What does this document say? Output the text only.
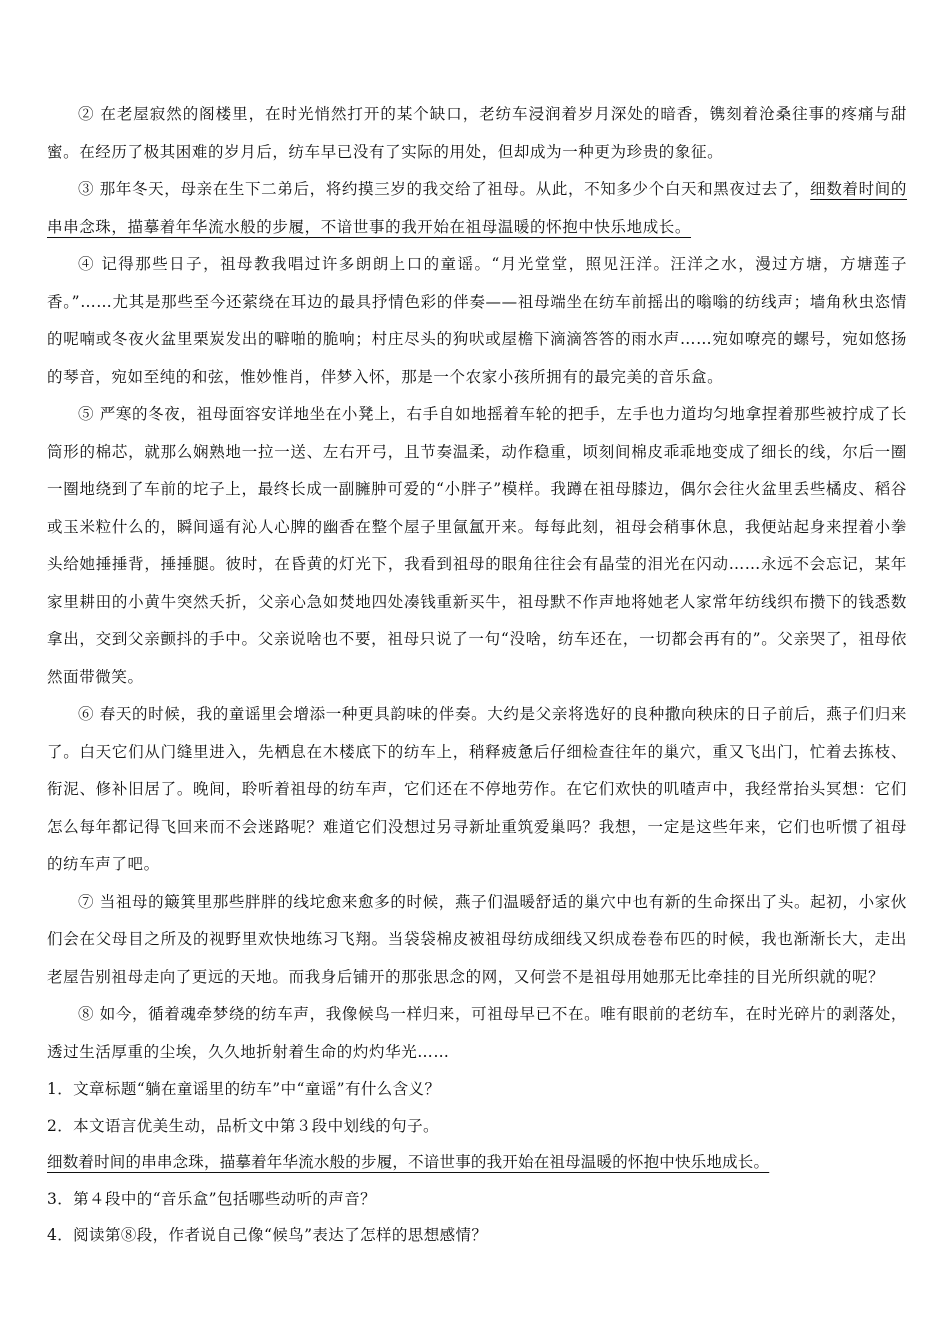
② 在老屋寂然的阁楼里，在时光悄然打开的某个缺口，老纺车浸润着岁月深处的暗香，镌刻着沧桑往事的疼痛与甜蜜。在经历了极其困难的岁月后，纺车早已没有了实际的用处，但却成为一种更为珍贵的象征。

③ 那年冬天，母亲在生下二弟后，将约摸三岁的我交给了祖母。从此，不知多少个白天和黑夜过去了，细数着时间的串串念珠，描摹着年华流水般的步履，不谙世事的我开始在祖母温暖的怀抱中快乐地成长。

④ 记得那些日子，祖母教我唱过许多朗朗上口的童谣。“月光堂堂，照见汪洋。汪洋之水，漫过方塘，方塘莲子香。”……尤其是那些至今还萦绕在耳边的最具抒情色彩的伴奏——祖母端坐在纺车前摇出的嗡嗡的纺线声；墙角秋虫恣情的呢喃或冬夜火盆里栗炭发出的噼啪的脆响；村庄尽头的狗吠或屋檐下滴滴答答的雨水声……宛如嘹亮的螺号，宛如悠扬的琴音，宛如至纯的和弦，惟妙惟肖，伴梦入怀，那是一个农家小孩所拥有的最完美的音乐盒。

⑤ 严寒的冬夜，祖母面容安详地坐在小凳上，右手自如地摇着车轮的把手，左手也力道均匀地拿捏着那些被拧成了长筒形的棉芯，就那么娴熟地一拉一送、左右开弓，且节奏温柔，动作稳重，顷刻间棉皮乖乖地变成了细长的线，尔后一圈一圈地绕到了车前的坨子上，最终长成一副臃肿可爱的“小胖子”模样。我蹲在祖母膝边，偶尔会往火盆里丢些橘皮、稻谷或玉米粒什么的，瞬间遥有沁人心脾的幽香在整个屋子里氤氲开来。每每此刻，祖母会稍事休息，我便站起身来捏着小拳头给她捶捶背，捶捶腿。彼时，在昏黄的灯光下，我看到祖母的眼角往往会有晶莹的泪光在闪动……永远不会忘记，某年家里耕田的小黄牛突然夭折，父亲心急如焚地四处凑钱重新买牛，祖母默不作声地将她老人家常年纺线织布攒下的钱悉数拿出，交到父亲颤抖的手中。父亲说啥也不要，祖母只说了一句“没啥，纺车还在，一切都会再有的”。父亲哭了，祖母依然面带微笑。

⑥ 春天的时候，我的童谣里会增添一种更具韵味的伴奏。大约是父亲将选好的良种撒向秧床的日子前后，燕子们归来了。白天它们从门缝里进入，先栖息在木楼底下的纺车上，稍释疲惫后仔细检查往年的巢穴，重又飞出门，忙着去拣枝、衔泥、修补旧居了。晚间，聆听着祖母的纺车声，它们还在不停地劳作。在它们欢快的叽喳声中，我经常抬头冥想：它们怎么每年都记得飞回来而不会迷路呢？难道它们没想过另寻新址重筑爱巢吗？我想，一定是这些年来，它们也听惯了祖母的纺车声了吧。

⑦ 当祖母的簸箕里那些胖胖的线坨愈来愈多的时候，燕子们温暖舒适的巢穴中也有新的生命探出了头。起初，小家伙们会在父母目之所及的视野里欢快地练习飞翔。当袋袋棉皮被祖母纺成细线又织成卷卷布匹的时候，我也渐渐长大，走出老屋告别祖母走向了更远的天地。而我身后铺开的那张思念的网，又何尝不是祖母用她那无比牵挂的目光所织就的呢？

⑧ 如今，循着魂牵梦绕的纺车声，我像候鸟一样归来，可祖母早已不在。唯有眼前的老纺车，在时光碎片的剥落处，透过生活厚重的尘埃，久久地折射着生命的灼灼华光……

1．文章标题“躺在童谣里的纺车”中“童谣”有什么含义？

2．本文语言优美生动，品析文中第３段中划线的句子。

细数着时间的串串念珠，描摹着年华流水般的步履，不谙世事的我开始在祖母温暖的怀抱中快乐地成长。

3．第４段中的“音乐盒”包括哪些动听的声音？

4．阅读第⑧段，作者说自己像“候鸟”表达了怎样的思想感情？
